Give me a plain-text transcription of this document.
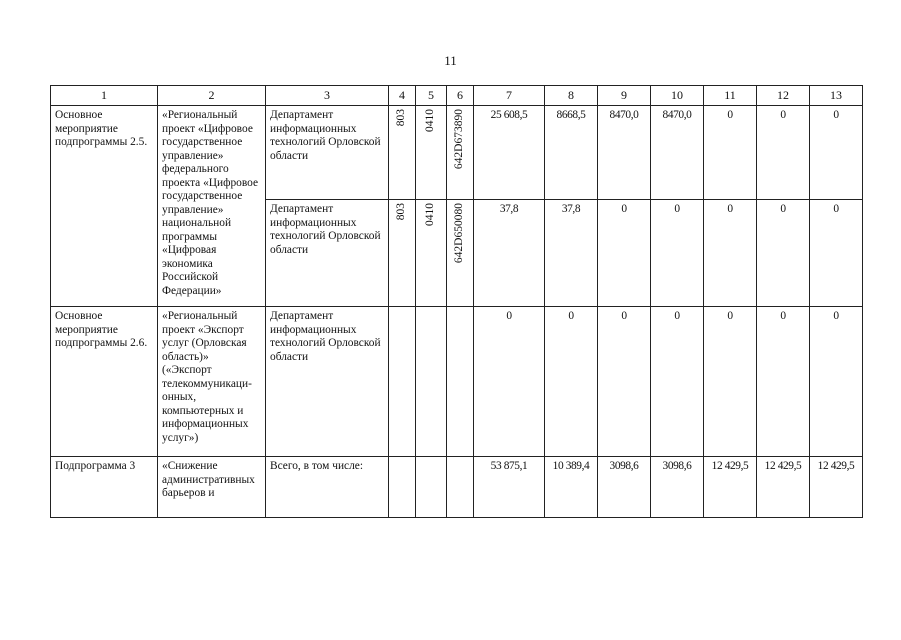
11
1	2	3	4	5	6	7	8	9	10	11	12	13
Основное мероприятие подпрограммы 2.5.	«Региональный проект «Цифровое государственное управление» федерального проекта «Цифровое государственное управление» национальной программы «Цифровая экономика Российской Федерации»	Департамент информационных технологий Орловской области	803	0410	642D673890	25 608,5	8668,5	8470,0	8470,0	0	0	0
		Департамент информационных технологий Орловской области	803	0410	642D650080	37,8	37,8	0	0	0	0	0
Основное мероприятие подпрограммы 2.6.	«Региональный проект «Экспорт услуг (Орловская область)» («Экспорт телекоммуникаци-онных, компьютерных и информационных услуг»)	Департамент информационных технологий Орловской области				0	0	0	0	0	0	0
Подпрограмма 3	«Снижение административных барьеров и	Всего, в том числе:				53 875,1	10 389,4	3098,6	3098,6	12 429,5	12 429,5	12 429,5
